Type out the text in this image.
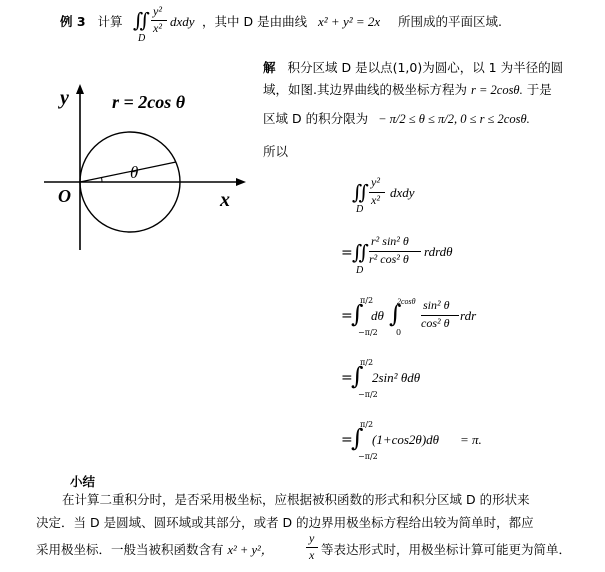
例 3 计算 ∬
D
y²
x² dxdy ，其中 D 是由曲线 x² + y² = 2x 所围成的平面区域.
y
x
O
θ
r = 2cos θ
解 积分区域 D 是以点(1,0)为圆心，以 1 为半径的圆
域，如图.其边界曲线的极坐标方程为 r = 2cosθ. 于是
区域 D 的积分限为 − π/2 ≤ θ ≤ π/2, 0 ≤ r ≤ 2cosθ.
所以
∬
D
y²
x² dxdy
= ∬
D
r² sin² θ
r² cos² θ rdrdθ
=
∫
π/2
−π/2
dθ ∫
2cosθ
0
sin² θ
cos² θ rdr
=
∫
π/2
−π/2
2sin² θdθ
=
∫
π/2
−π/2
(1+cos2θ)dθ = π.
小结
在计算二重积分时，是否采用极坐标，应根据被积函数的形式和积分区域 D 的形状来
决定．当 D 是圆域、圆环域或其部分，或者 D 的边界用极坐标方程给出较为简单时，都应
采用极坐标．一般当被积函数含有 x² + y²，
y
x 等表达形式时，用极坐标计算可能更为简单．
